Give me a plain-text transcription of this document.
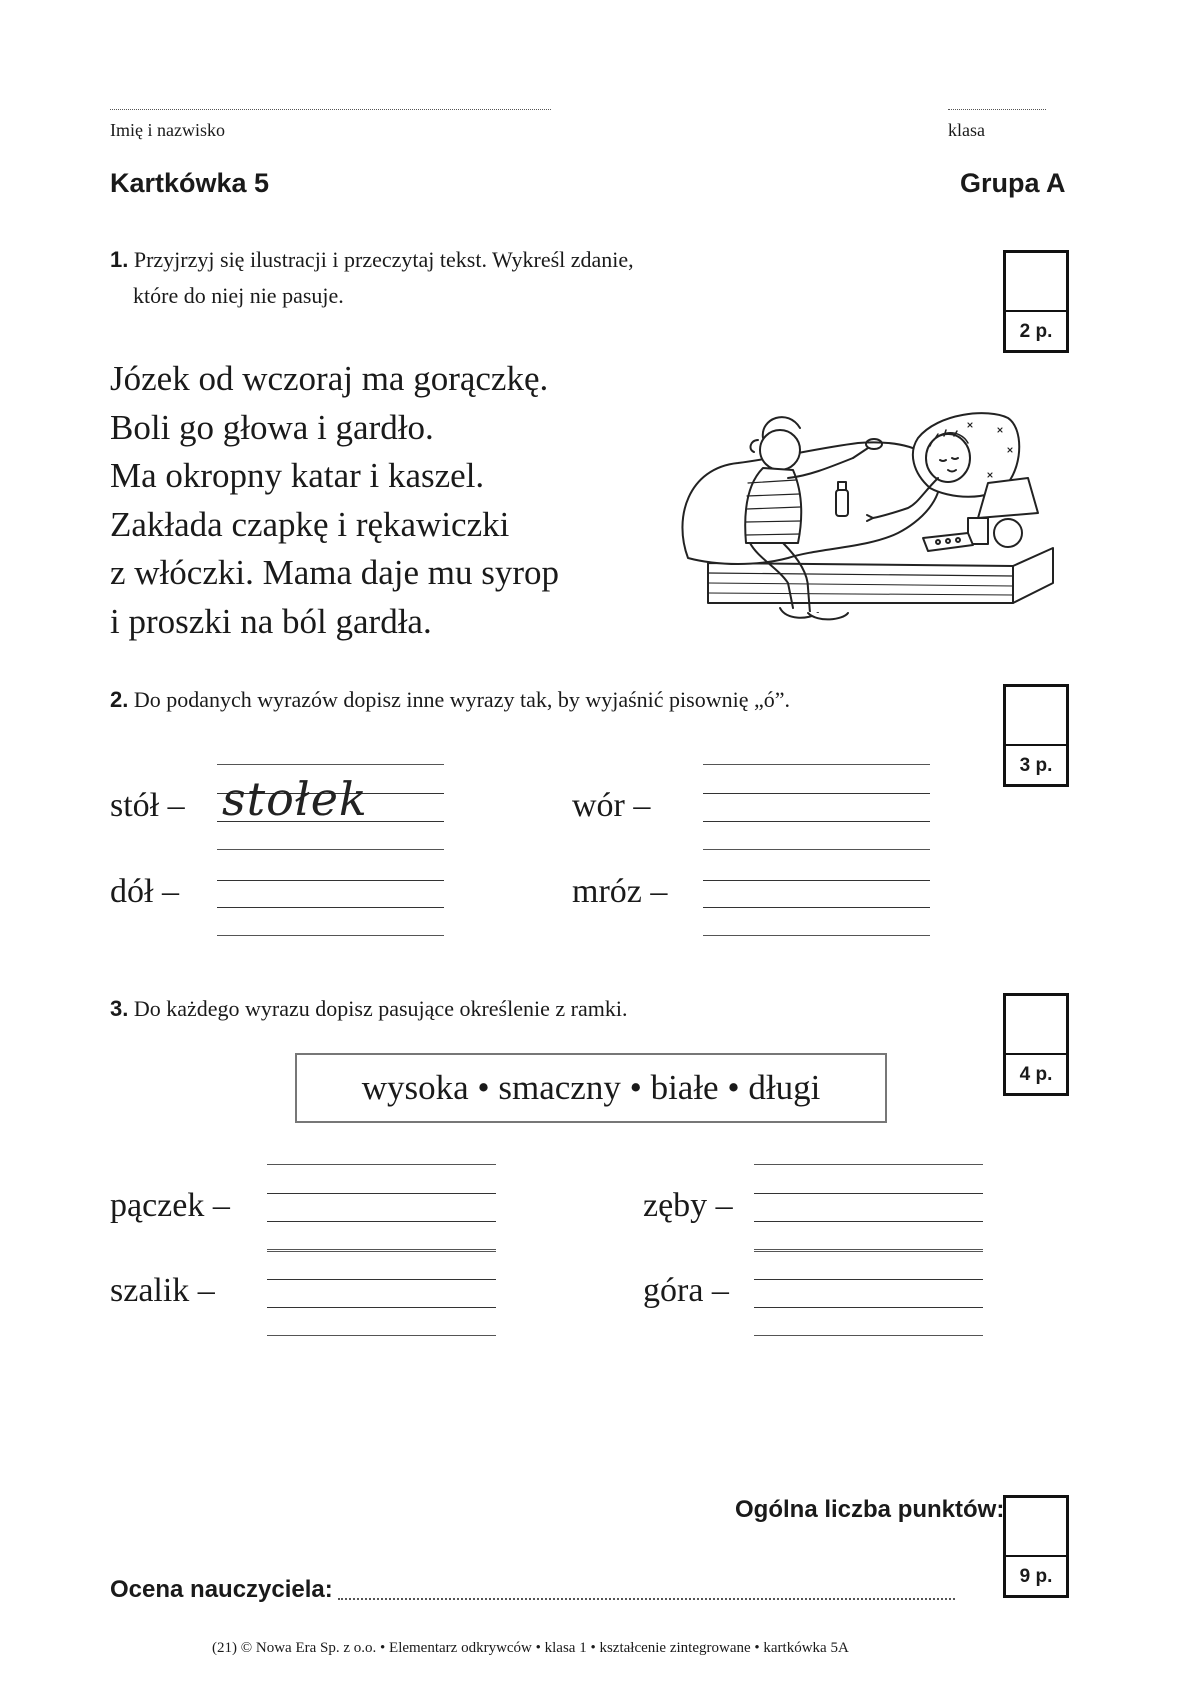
Imię i nazwisko	klasa
Kartkówka 5	Grupa A
1. Przyjrzyj się ilustracji i przeczytaj tekst. Wykreśl zdanie,
które do niej nie pasuje.
2 p.
Józek od wczoraj ma gorączkę.
Boli go głowa i gardło.
Ma okropny katar i kaszel.
Zakłada czapkę i rękawiczki
z włóczki. Mama daje mu syrop
i proszki na ból gardła.
2. Do podanych wyrazów dopisz inne wyrazy tak, by wyjaśnić pisownię „ó”.
3 p.
stół – stołek	wór –
dół –	mróz –
3. Do każdego wyrazu dopisz pasujące określenie z ramki.
4 p.
wysoka • smaczny • białe • długi
pączek –	zęby –
szalik –	góra –
Ogólna liczba punktów:
9 p.
Ocena nauczyciela:
(21) © Nowa Era Sp. z o.o. • Elementarz odkrywców • klasa 1 • kształcenie zintegrowane • kartkówka 5A
